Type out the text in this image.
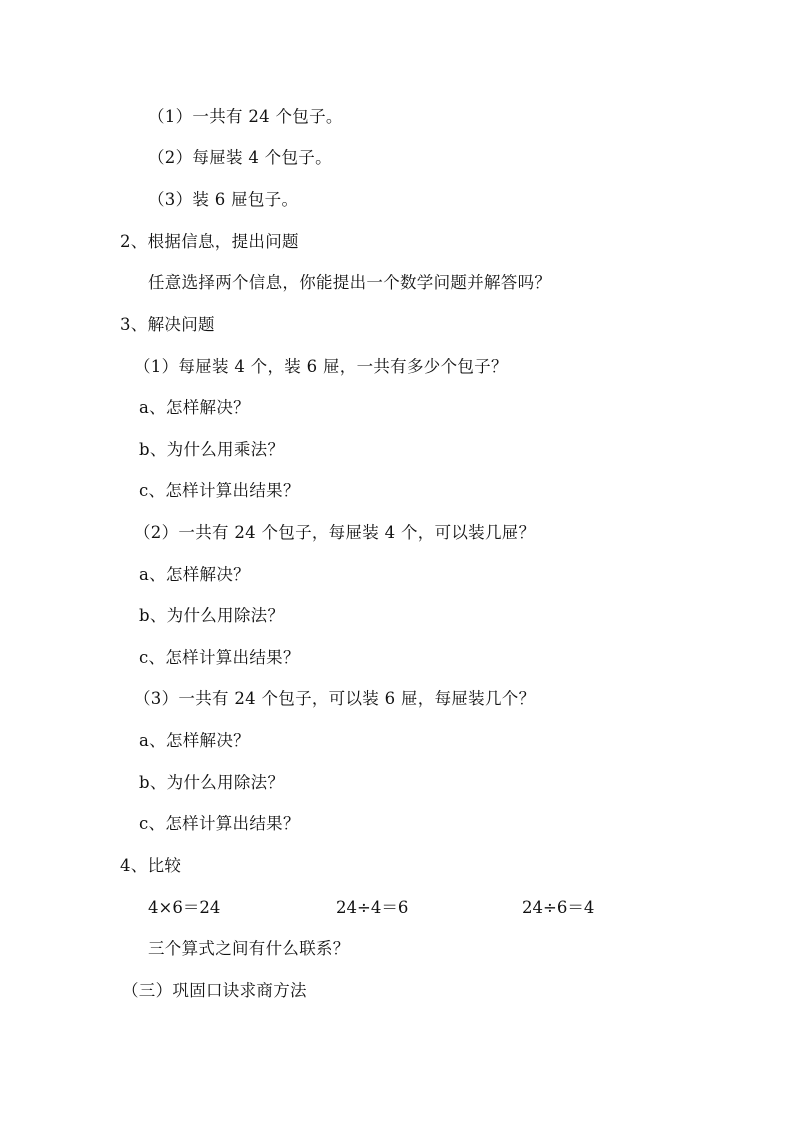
（1）一共有 24 个包子。
（2）每屉装 4 个包子。
（3）装 6 屉包子。
2、根据信息，提出问题
任意选择两个信息，你能提出一个数学问题并解答吗？
3、解决问题
（1）每屉装 4 个，装 6 屉，一共有多少个包子？
a、怎样解决？
b、为什么用乘法？
c、怎样计算出结果？
（2）一共有 24 个包子，每屉装 4 个，可以装几屉？
a、怎样解决？
b、为什么用除法？
c、怎样计算出结果？
（3）一共有 24 个包子，可以装 6 屉，每屉装几个？
a、怎样解决？
b、为什么用除法？
c、怎样计算出结果？
4、比较
4×6＝24	24÷4＝6	24÷6＝4
三个算式之间有什么联系？
（三）巩固口诀求商方法
